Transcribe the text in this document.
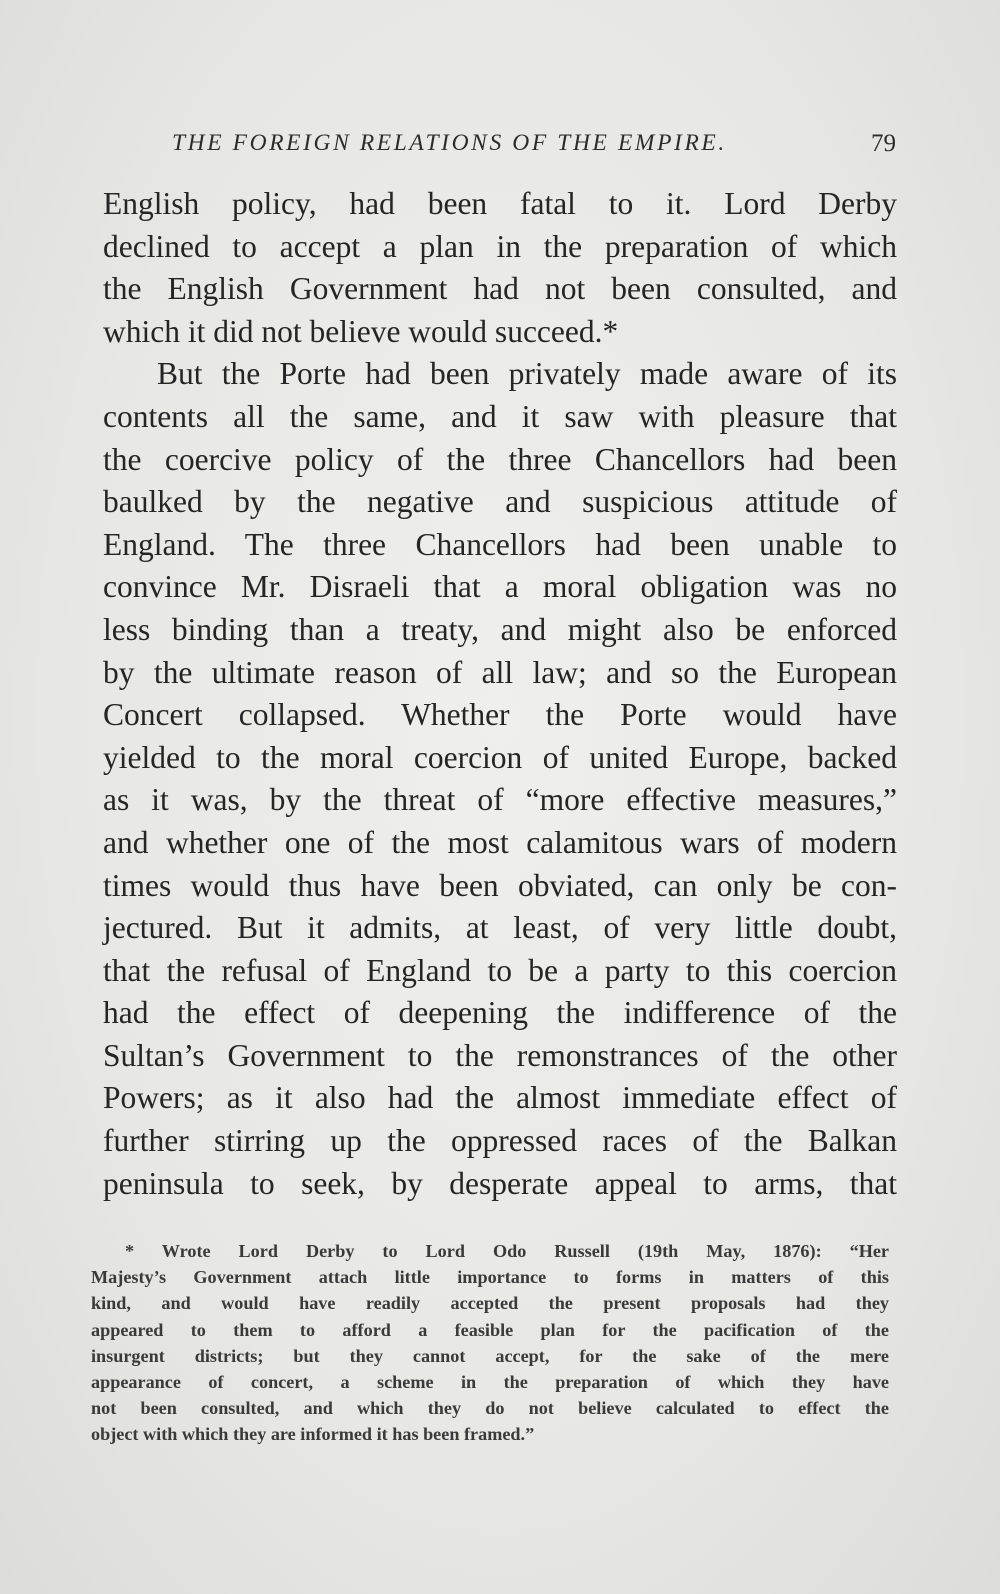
THE FOREIGN RELATIONS OF THE EMPIRE.	79
English policy, had been fatal to it. Lord Derby
declined to accept a plan in the preparation of which
the English Government had not been consulted, and
which it did not believe would succeed.*
But the Porte had been privately made aware of its
contents all the same, and it saw with pleasure that
the coercive policy of the three Chancellors had been
baulked by the negative and suspicious attitude of
England. The three Chancellors had been unable to
convince Mr. Disraeli that a moral obligation was no
less binding than a treaty, and might also be enforced
by the ultimate reason of all law; and so the European
Concert collapsed. Whether the Porte would have
yielded to the moral coercion of united Europe, backed
as it was, by the threat of “more effective measures,”
and whether one of the most calamitous wars of modern
times would thus have been obviated, can only be con-
jectured. But it admits, at least, of very little doubt,
that the refusal of England to be a party to this coercion
had the effect of deepening the indifference of the
Sultan’s Government to the remonstrances of the other
Powers; as it also had the almost immediate effect of
further stirring up the oppressed races of the Balkan
peninsula to seek, by desperate appeal to arms, that
* Wrote Lord Derby to Lord Odo Russell (19th May, 1876): “Her
Majesty’s Government attach little importance to forms in matters of this
kind, and would have readily accepted the present proposals had they
appeared to them to afford a feasible plan for the pacification of the
insurgent districts; but they cannot accept, for the sake of the mere
appearance of concert, a scheme in the preparation of which they have
not been consulted, and which they do not believe calculated to effect the
object with which they are informed it has been framed.”
